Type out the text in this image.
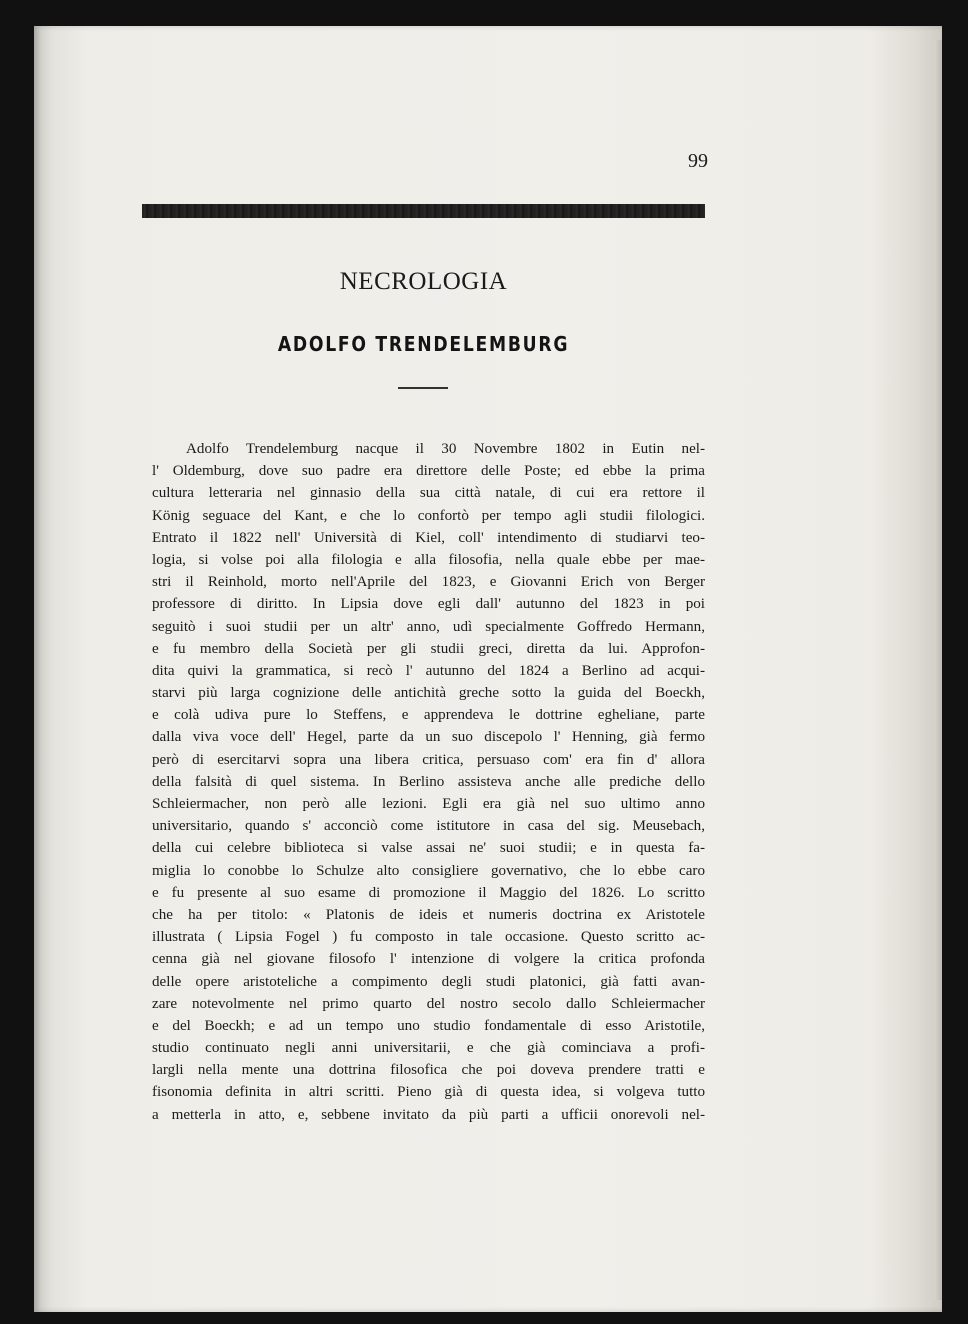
99
NECROLOGIA
ADOLFO TRENDELEMBURG
Adolfo Trendelemburg nacque il 30 Novembre 1802 in Eutin nel-
l' Oldemburg, dove suo padre era direttore delle Poste; ed ebbe la prima
cultura letteraria nel ginnasio della sua città natale, di cui era rettore il
König seguace del Kant, e che lo confortò per tempo agli studii filologici.
Entrato il 1822 nell' Università di Kiel, coll' intendimento di studiarvi teo-
logia, si volse poi alla filologia e alla filosofia, nella quale ebbe per mae-
stri il Reinhold, morto nell'Aprile del 1823, e Giovanni Erich von Berger
professore di diritto. In Lipsia dove egli dall' autunno del 1823 in poi
seguitò i suoi studii per un altr' anno, udì specialmente Goffredo Hermann,
e fu membro della Società per gli studii greci, diretta da lui. Approfon-
dita quivi la grammatica, si recò l' autunno del 1824 a Berlino ad acqui-
starvi più larga cognizione delle antichità greche sotto la guida del Boeckh,
e colà udiva pure lo Steffens, e apprendeva le dottrine egheliane, parte
dalla viva voce dell' Hegel, parte da un suo discepolo l' Henning, già fermo
però di esercitarvi sopra una libera critica, persuaso com' era fin d' allora
della falsità di quel sistema. In Berlino assisteva anche alle prediche dello
Schleiermacher, non però alle lezioni. Egli era già nel suo ultimo anno
universitario, quando s' acconciò come istitutore in casa del sig. Meusebach,
della cui celebre biblioteca si valse assai ne' suoi studii; e in questa fa-
miglia lo conobbe lo Schulze alto consigliere governativo, che lo ebbe caro
e fu presente al suo esame di promozione il Maggio del 1826. Lo scritto
che ha per titolo: « Platonis de ideis et numeris doctrina ex Aristotele
illustrata ( Lipsia Fogel ) fu composto in tale occasione. Questo scritto ac-
cenna già nel giovane filosofo l' intenzione di volgere la critica profonda
delle opere aristoteliche a compimento degli studi platonici, già fatti avan-
zare notevolmente nel primo quarto del nostro secolo dallo Schleiermacher
e del Boeckh; e ad un tempo uno studio fondamentale di esso Aristotile,
studio continuato negli anni universitarii, e che già cominciava a profi-
largli nella mente una dottrina filosofica che poi doveva prendere tratti e
fisonomia definita in altri scritti. Pieno già di questa idea, si volgeva tutto
a metterla in atto, e, sebbene invitato da più parti a ufficii onorevoli nel-
